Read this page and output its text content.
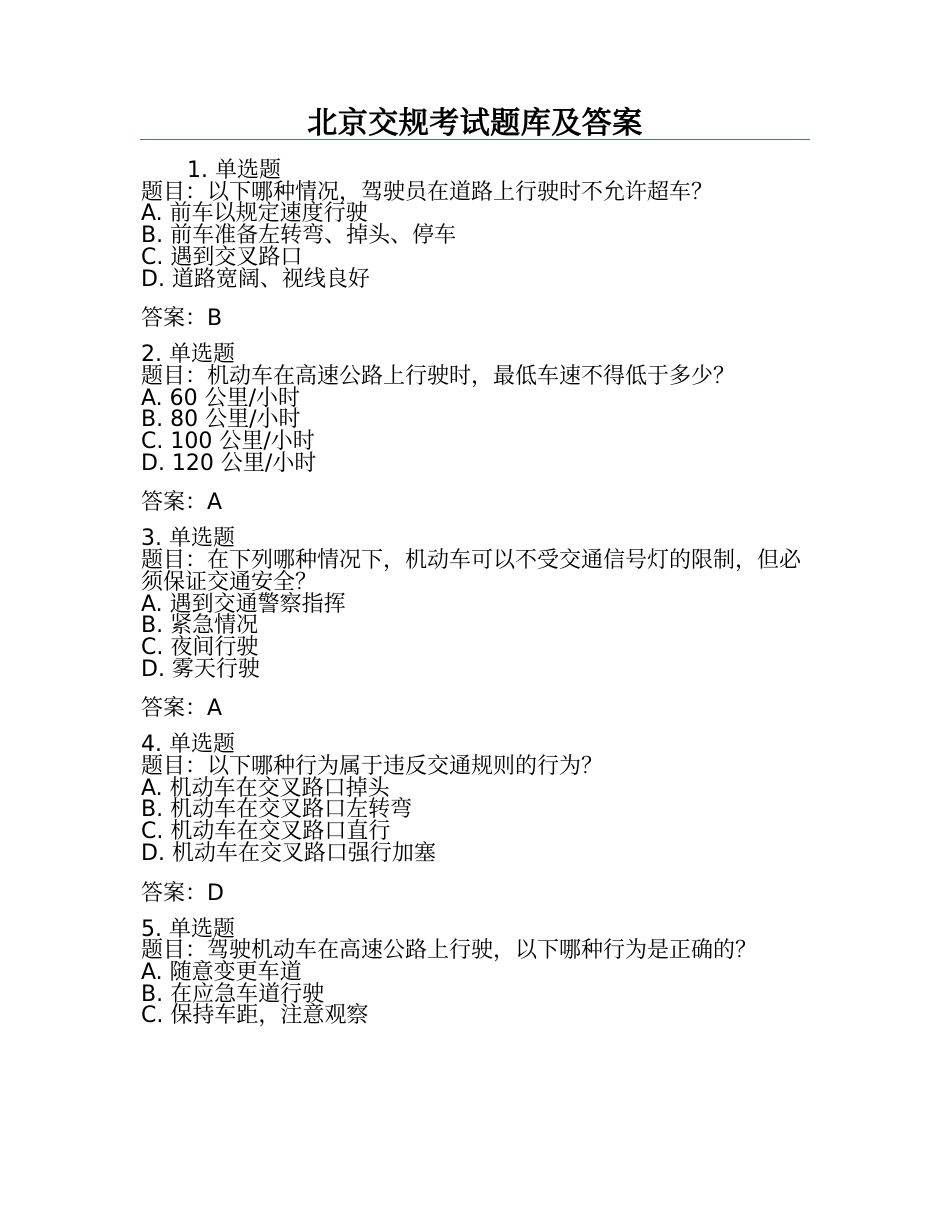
北京交规考试题库及答案
1. 单选题
题目：以下哪种情况，驾驶员在道路上行驶时不允许超车？
A. 前车以规定速度行驶
B. 前车准备左转弯、掉头、停车
C. 遇到交叉路口
D. 道路宽阔、视线良好
答案：B
2. 单选题
题目：机动车在高速公路上行驶时，最低车速不得低于多少？
A. 60 公里/小时
B. 80 公里/小时
C. 100 公里/小时
D. 120 公里/小时
答案：A
3. 单选题
题目：在下列哪种情况下，机动车可以不受交通信号灯的限制，但必须保证交通安全？
A. 遇到交通警察指挥
B. 紧急情况
C. 夜间行驶
D. 雾天行驶
答案：A
4. 单选题
题目：以下哪种行为属于违反交通规则的行为？
A. 机动车在交叉路口掉头
B. 机动车在交叉路口左转弯
C. 机动车在交叉路口直行
D. 机动车在交叉路口强行加塞
答案：D
5. 单选题
题目：驾驶机动车在高速公路上行驶，以下哪种行为是正确的？
A. 随意变更车道
B. 在应急车道行驶
C. 保持车距，注意观察
